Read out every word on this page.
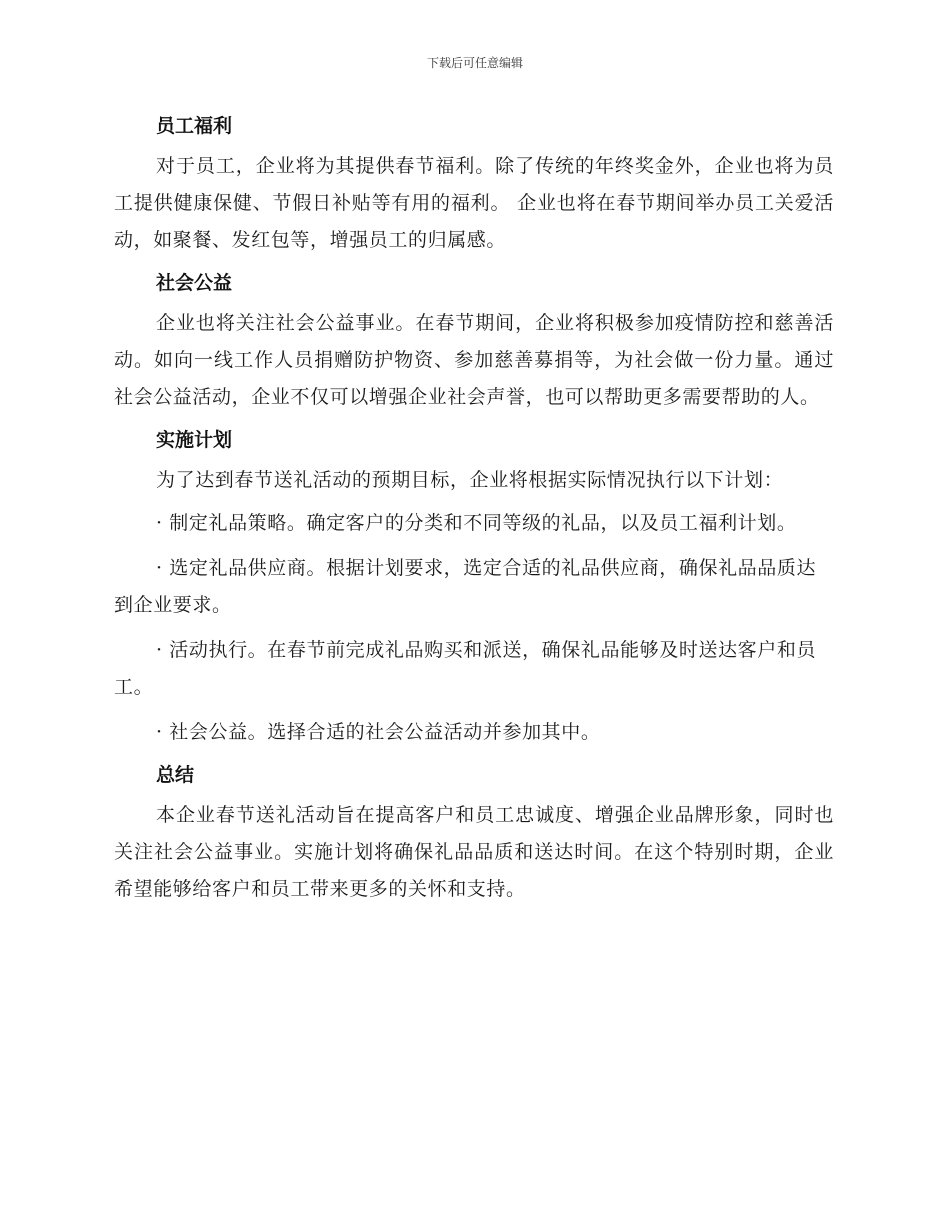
下载后可任意编辑
员工福利

对于员工，企业将为其提供春节福利。除了传统的年终奖金外，企业也将为员工提供健康保健、节假日补贴等有用的福利。 企业也将在春节期间举办员工关爱活动，如聚餐、发红包等，增强员工的归属感。

社会公益

企业也将关注社会公益事业。在春节期间，企业将积极参加疫情防控和慈善活动。如向一线工作人员捐赠防护物资、参加慈善募捐等，为社会做一份力量。通过社会公益活动，企业不仅可以增强企业社会声誉，也可以帮助更多需要帮助的人。

实施计划

为了达到春节送礼活动的预期目标，企业将根据实际情况执行以下计划：

· 制定礼品策略。确定客户的分类和不同等级的礼品，以及员工福利计划。

· 选定礼品供应商。根据计划要求，选定合适的礼品供应商，确保礼品品质达到企业要求。

· 活动执行。在春节前完成礼品购买和派送，确保礼品能够及时送达客户和员工。

· 社会公益。选择合适的社会公益活动并参加其中。

总结

本企业春节送礼活动旨在提高客户和员工忠诚度、增强企业品牌形象，同时也关注社会公益事业。实施计划将确保礼品品质和送达时间。在这个特别时期，企业希望能够给客户和员工带来更多的关怀和支持。
